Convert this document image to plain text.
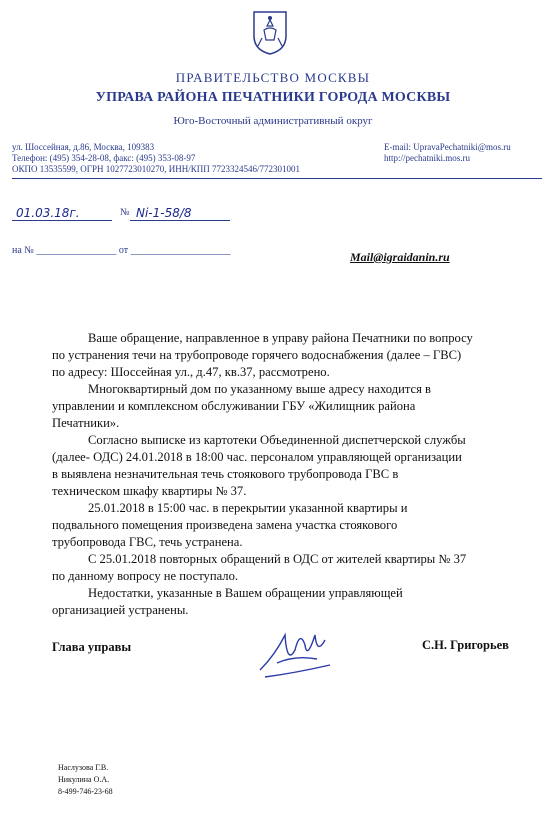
ПРАВИТЕЛЬСТВО МОСКВЫ
УПРАВА РАЙОНА ПЕЧАТНИКИ ГОРОДА МОСКВЫ
Юго-Восточный административный округ
ул. Шоссейная, д.86, Москва, 109383
Телефон: (495) 354-28-08, факс: (495) 353-08-97
ОКПО 13535599, ОГРН 1027723010270, ИНН/КПП 7723324546/772301001
E-mail: UpravaPechatniki@mos.ru
http://pechatniki.mos.ru
01.03.18г.	№ Ni-1-58/8
на № ________________ от ____________________	Mail@igraidanin.ru

Ваше обращение, направленное в управу района Печатники по вопросу
по устранения течи на трубопроводе горячего водоснабжения (далее – ГВС)
по адресу: Шоссейная ул., д.47, кв.37, рассмотрено.

Многоквартирный дом по указанному выше адресу находится в
управлении и комплексном обслуживании ГБУ «Жилищник района
Печатники».

Согласно выписке из картотеки Объединенной диспетчерской службы
(далее- ОДС) 24.01.2018 в 18:00 час. персоналом управляющей организации
в выявлена незначительная течь стоякового трубопровода ГВС в
техническом шкафу квартиры № 37.

25.01.2018 в 15:00 час. в перекрытии указанной квартиры и
подвального помещения произведена замена участка стоякового
трубопровода ГВС, течь устранена.

С 25.01.2018 повторных обращений в ОДС от жителей квартиры № 37
по данному вопросу не поступало.

Недостатки, указанные в Вашем обращении управляющей
организацией устранены.

Глава управы	С.Н. Григорьев
Наслузова Г.В.
Никулина О.А.
8-499-746-23-68
